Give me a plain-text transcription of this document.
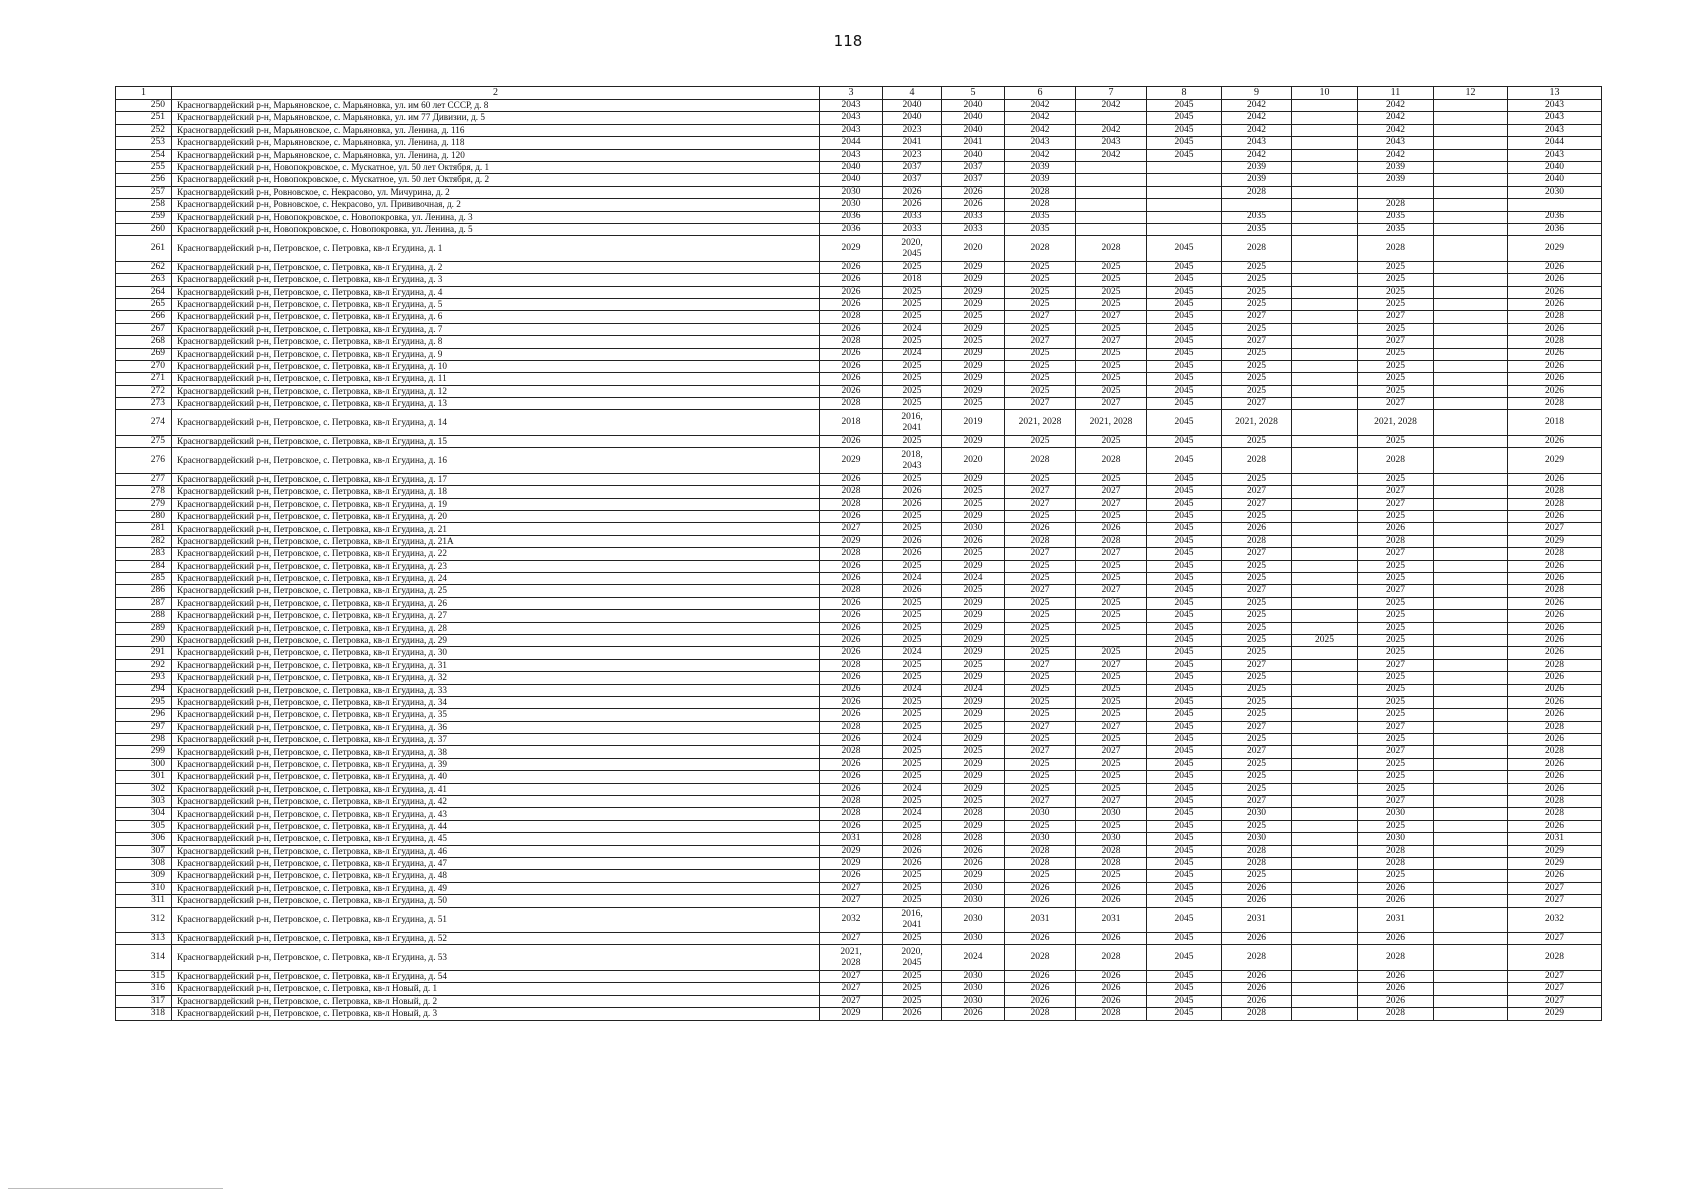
118
1	2	3	4	5	6	7	8	9	10	11	12	13
250	Красногвардейский р-н, Марьяновское, с. Марьяновка, ул. им 60 лет СССР, д. 8	2043	2040	2040	2042	2042	2045	2042		2042		2043
251	Красногвардейский р-н, Марьяновское, с. Марьяновка, ул. им 77 Дивизии, д. 5	2043	2040	2040	2042		2045	2042		2042		2043
252	Красногвардейский р-н, Марьяновское, с. Марьяновка, ул. Ленина, д. 116	2043	2023	2040	2042	2042	2045	2042		2042		2043
253	Красногвардейский р-н, Марьяновское, с. Марьяновка, ул. Ленина, д. 118	2044	2041	2041	2043	2043	2045	2043		2043		2044
254	Красногвардейский р-н, Марьяновское, с. Марьяновка, ул. Ленина, д. 120	2043	2023	2040	2042	2042	2045	2042		2042		2043
255	Красногвардейский р-н, Новопокровское, с. Мускатное, ул. 50 лет Октября, д. 1	2040	2037	2037	2039			2039		2039		2040
256	Красногвардейский р-н, Новопокровское, с. Мускатное, ул. 50 лет Октября, д. 2	2040	2037	2037	2039			2039		2039		2040
257	Красногвардейский р-н, Ровновское, с. Некрасово, ул. Мичурина, д. 2	2030	2026	2026	2028			2028				2030
258	Красногвардейский р-н, Ровновское, с. Некрасово, ул. Прививочная, д. 2	2030	2026	2026	2028					2028		
259	Красногвардейский р-н, Новопокровское, с. Новопокровка, ул. Ленина, д. 3	2036	2033	2033	2035			2035		2035		2036
260	Красногвардейский р-н, Новопокровское, с. Новопокровка, ул. Ленина, д. 5	2036	2033	2033	2035			2035		2035		2036
261	Красногвардейский р-н, Петровское, с. Петровка, кв-л Егудина, д. 1	2029	2020,
2045	2020	2028	2028	2045	2028		2028		2029
262	Красногвардейский р-н, Петровское, с. Петровка, кв-л Егудина, д. 2	2026	2025	2029	2025	2025	2045	2025		2025		2026
263	Красногвардейский р-н, Петровское, с. Петровка, кв-л Егудина, д. 3	2026	2018	2029	2025	2025	2045	2025		2025		2026
264	Красногвардейский р-н, Петровское, с. Петровка, кв-л Егудина, д. 4	2026	2025	2029	2025	2025	2045	2025		2025		2026
265	Красногвардейский р-н, Петровское, с. Петровка, кв-л Егудина, д. 5	2026	2025	2029	2025	2025	2045	2025		2025		2026
266	Красногвардейский р-н, Петровское, с. Петровка, кв-л Егудина, д. 6	2028	2025	2025	2027	2027	2045	2027		2027		2028
267	Красногвардейский р-н, Петровское, с. Петровка, кв-л Егудина, д. 7	2026	2024	2029	2025	2025	2045	2025		2025		2026
268	Красногвардейский р-н, Петровское, с. Петровка, кв-л Егудина, д. 8	2028	2025	2025	2027	2027	2045	2027		2027		2028
269	Красногвардейский р-н, Петровское, с. Петровка, кв-л Егудина, д. 9	2026	2024	2029	2025	2025	2045	2025		2025		2026
270	Красногвардейский р-н, Петровское, с. Петровка, кв-л Егудина, д. 10	2026	2025	2029	2025	2025	2045	2025		2025		2026
271	Красногвардейский р-н, Петровское, с. Петровка, кв-л Егудина, д. 11	2026	2025	2029	2025	2025	2045	2025		2025		2026
272	Красногвардейский р-н, Петровское, с. Петровка, кв-л Егудина, д. 12	2026	2025	2029	2025	2025	2045	2025		2025		2026
273	Красногвардейский р-н, Петровское, с. Петровка, кв-л Егудина, д. 13	2028	2025	2025	2027	2027	2045	2027		2027		2028
274	Красногвардейский р-н, Петровское, с. Петровка, кв-л Егудина, д. 14	2018	2016,
2041	2019	2021, 2028	2021, 2028	2045	2021, 2028		2021, 2028		2018
275	Красногвардейский р-н, Петровское, с. Петровка, кв-л Егудина, д. 15	2026	2025	2029	2025	2025	2045	2025		2025		2026
276	Красногвардейский р-н, Петровское, с. Петровка, кв-л Егудина, д. 16	2029	2018,
2043	2020	2028	2028	2045	2028		2028		2029
277	Красногвардейский р-н, Петровское, с. Петровка, кв-л Егудина, д. 17	2026	2025	2029	2025	2025	2045	2025		2025		2026
278	Красногвардейский р-н, Петровское, с. Петровка, кв-л Егудина, д. 18	2028	2026	2025	2027	2027	2045	2027		2027		2028
279	Красногвардейский р-н, Петровское, с. Петровка, кв-л Егудина, д. 19	2028	2026	2025	2027	2027	2045	2027		2027		2028
280	Красногвардейский р-н, Петровское, с. Петровка, кв-л Егудина, д. 20	2026	2025	2029	2025	2025	2045	2025		2025		2026
281	Красногвардейский р-н, Петровское, с. Петровка, кв-л Егудина, д. 21	2027	2025	2030	2026	2026	2045	2026		2026		2027
282	Красногвардейский р-н, Петровское, с. Петровка, кв-л Егудина, д. 21А	2029	2026	2026	2028	2028	2045	2028		2028		2029
283	Красногвардейский р-н, Петровское, с. Петровка, кв-л Егудина, д. 22	2028	2026	2025	2027	2027	2045	2027		2027		2028
284	Красногвардейский р-н, Петровское, с. Петровка, кв-л Егудина, д. 23	2026	2025	2029	2025	2025	2045	2025		2025		2026
285	Красногвардейский р-н, Петровское, с. Петровка, кв-л Егудина, д. 24	2026	2024	2024	2025	2025	2045	2025		2025		2026
286	Красногвардейский р-н, Петровское, с. Петровка, кв-л Егудина, д. 25	2028	2026	2025	2027	2027	2045	2027		2027		2028
287	Красногвардейский р-н, Петровское, с. Петровка, кв-л Егудина, д. 26	2026	2025	2029	2025	2025	2045	2025		2025		2026
288	Красногвардейский р-н, Петровское, с. Петровка, кв-л Егудина, д. 27	2026	2025	2029	2025	2025	2045	2025		2025		2026
289	Красногвардейский р-н, Петровское, с. Петровка, кв-л Егудина, д. 28	2026	2025	2029	2025	2025	2045	2025		2025		2026
290	Красногвардейский р-н, Петровское, с. Петровка, кв-л Егудина, д. 29	2026	2025	2029	2025		2045	2025	2025	2025		2026
291	Красногвардейский р-н, Петровское, с. Петровка, кв-л Егудина, д. 30	2026	2024	2029	2025	2025	2045	2025		2025		2026
292	Красногвардейский р-н, Петровское, с. Петровка, кв-л Егудина, д. 31	2028	2025	2025	2027	2027	2045	2027		2027		2028
293	Красногвардейский р-н, Петровское, с. Петровка, кв-л Егудина, д. 32	2026	2025	2029	2025	2025	2045	2025		2025		2026
294	Красногвардейский р-н, Петровское, с. Петровка, кв-л Егудина, д. 33	2026	2024	2024	2025	2025	2045	2025		2025		2026
295	Красногвардейский р-н, Петровское, с. Петровка, кв-л Егудина, д. 34	2026	2025	2029	2025	2025	2045	2025		2025		2026
296	Красногвардейский р-н, Петровское, с. Петровка, кв-л Егудина, д. 35	2026	2025	2029	2025	2025	2045	2025		2025		2026
297	Красногвардейский р-н, Петровское, с. Петровка, кв-л Егудина, д. 36	2028	2025	2025	2027	2027	2045	2027		2027		2028
298	Красногвардейский р-н, Петровское, с. Петровка, кв-л Егудина, д. 37	2026	2024	2029	2025	2025	2045	2025		2025		2026
299	Красногвардейский р-н, Петровское, с. Петровка, кв-л Егудина, д. 38	2028	2025	2025	2027	2027	2045	2027		2027		2028
300	Красногвардейский р-н, Петровское, с. Петровка, кв-л Егудина, д. 39	2026	2025	2029	2025	2025	2045	2025		2025		2026
301	Красногвардейский р-н, Петровское, с. Петровка, кв-л Егудина, д. 40	2026	2025	2029	2025	2025	2045	2025		2025		2026
302	Красногвардейский р-н, Петровское, с. Петровка, кв-л Егудина, д. 41	2026	2024	2029	2025	2025	2045	2025		2025		2026
303	Красногвардейский р-н, Петровское, с. Петровка, кв-л Егудина, д. 42	2028	2025	2025	2027	2027	2045	2027		2027		2028
304	Красногвардейский р-н, Петровское, с. Петровка, кв-л Егудина, д. 43	2028	2024	2028	2030	2030	2045	2030		2030		2028
305	Красногвардейский р-н, Петровское, с. Петровка, кв-л Егудина, д. 44	2026	2025	2029	2025	2025	2045	2025		2025		2026
306	Красногвардейский р-н, Петровское, с. Петровка, кв-л Егудина, д. 45	2031	2028	2028	2030	2030	2045	2030		2030		2031
307	Красногвардейский р-н, Петровское, с. Петровка, кв-л Егудина, д. 46	2029	2026	2026	2028	2028	2045	2028		2028		2029
308	Красногвардейский р-н, Петровское, с. Петровка, кв-л Егудина, д. 47	2029	2026	2026	2028	2028	2045	2028		2028		2029
309	Красногвардейский р-н, Петровское, с. Петровка, кв-л Егудина, д. 48	2026	2025	2029	2025	2025	2045	2025		2025		2026
310	Красногвардейский р-н, Петровское, с. Петровка, кв-л Егудина, д. 49	2027	2025	2030	2026	2026	2045	2026		2026		2027
311	Красногвардейский р-н, Петровское, с. Петровка, кв-л Егудина, д. 50	2027	2025	2030	2026	2026	2045	2026		2026		2027
312	Красногвардейский р-н, Петровское, с. Петровка, кв-л Егудина, д. 51	2032	2016,
2041	2030	2031	2031	2045	2031		2031		2032
313	Красногвардейский р-н, Петровское, с. Петровка, кв-л Егудина, д. 52	2027	2025	2030	2026	2026	2045	2026		2026		2027
314	Красногвардейский р-н, Петровское, с. Петровка, кв-л Егудина, д. 53	2021,
2028	2020,
2045	2024	2028	2028	2045	2028		2028		2028
315	Красногвардейский р-н, Петровское, с. Петровка, кв-л Егудина, д. 54	2027	2025	2030	2026	2026	2045	2026		2026		2027
316	Красногвардейский р-н, Петровское, с. Петровка, кв-л Новый, д. 1	2027	2025	2030	2026	2026	2045	2026		2026		2027
317	Красногвардейский р-н, Петровское, с. Петровка, кв-л Новый, д. 2	2027	2025	2030	2026	2026	2045	2026		2026		2027
318	Красногвардейский р-н, Петровское, с. Петровка, кв-л Новый, д. 3	2029	2026	2026	2028	2028	2045	2028		2028		2029
